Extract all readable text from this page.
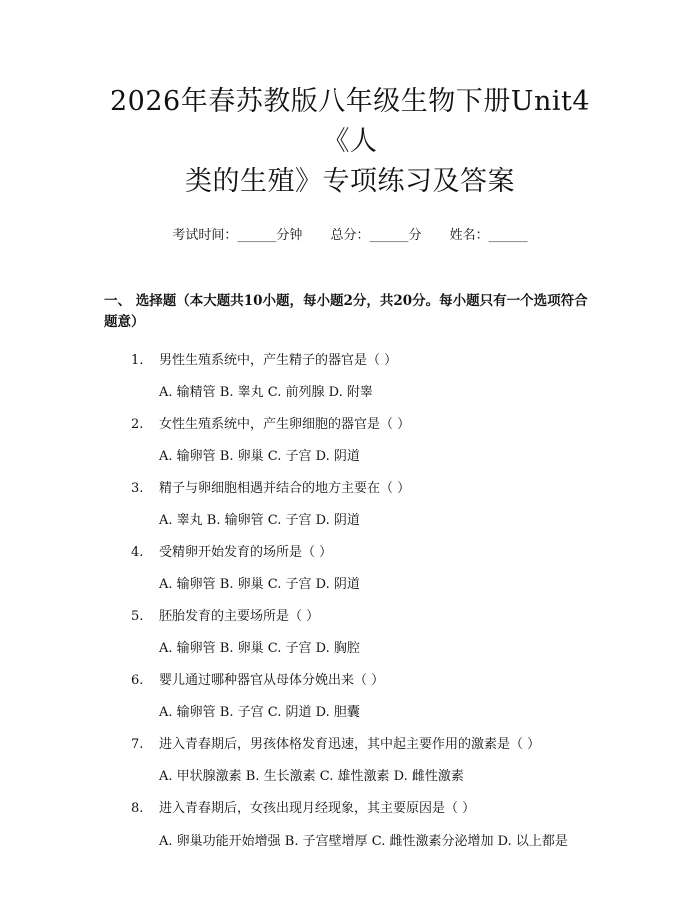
2026年春苏教版八年级生物下册Unit4《人
类的生殖》专项练习及答案
考试时间：______分钟 总分：______分 姓名：______
一、 选择题（本大题共10小题，每小题2分，共20分。每小题只有一个选项符合题意）
1. 男性生殖系统中，产生精子的器官是（ ）
A. 输精管 B. 睾丸 C. 前列腺 D. 附睾
2. 女性生殖系统中，产生卵细胞的器官是（ ）
A. 输卵管 B. 卵巢 C. 子宫 D. 阴道
3. 精子与卵细胞相遇并结合的地方主要在（ ）
A. 睾丸 B. 输卵管 C. 子宫 D. 阴道
4. 受精卵开始发育的场所是（ ）
A. 输卵管 B. 卵巢 C. 子宫 D. 阴道
5. 胚胎发育的主要场所是（ ）
A. 输卵管 B. 卵巢 C. 子宫 D. 胸腔
6. 婴儿通过哪种器官从母体分娩出来（ ）
A. 输卵管 B. 子宫 C. 阴道 D. 胆囊
7. 进入青春期后，男孩体格发育迅速，其中起主要作用的激素是（ ）
A. 甲状腺激素 B. 生长激素 C. 雄性激素 D. 雌性激素
8. 进入青春期后，女孩出现月经现象，其主要原因是（ ）
A. 卵巢功能开始增强 B. 子宫壁增厚 C. 雌性激素分泌增加 D. 以上都是
